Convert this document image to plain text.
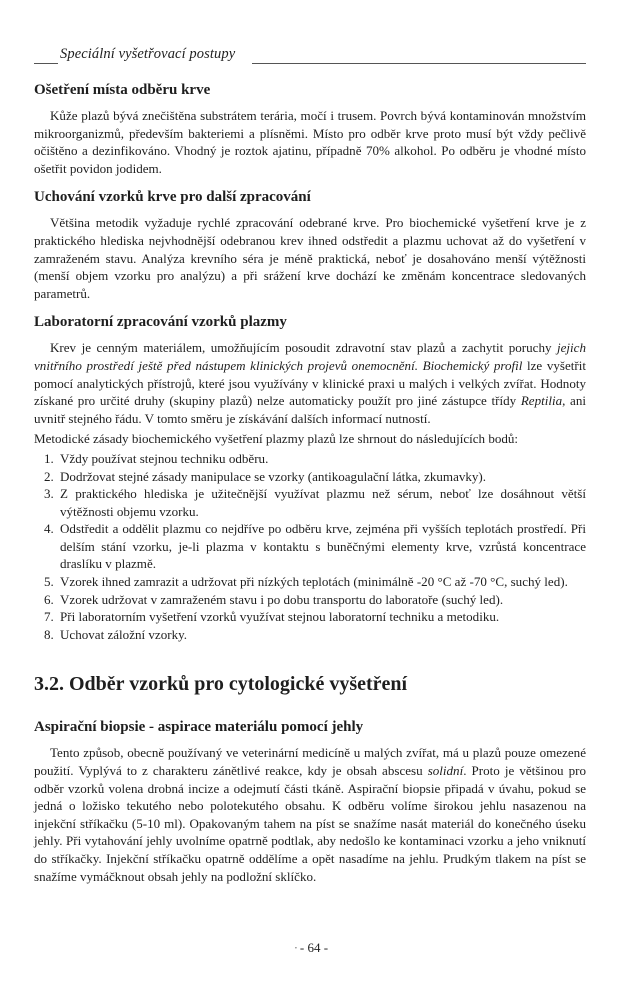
Speciální vyšetřovací postupy
Ošetření místa odběru krve

Kůže plazů bývá znečištěna substrátem terária, močí i trusem. Povrch bývá kontaminován množstvím mikroorganizmů, především bakteriemi a plísněmi. Místo pro odběr krve proto musí být vždy pečlivě očištěno a dezinfikováno. Vhodný je roztok ajatinu, případně 70% alkohol. Po odběru je vhodné místo ošetřit povidon jodidem.

Uchování vzorků krve pro další zpracování

Většina metodik vyžaduje rychlé zpracování odebrané krve. Pro biochemické vyšetření krve je z praktického hlediska nejvhodnější odebranou krev ihned odstředit a plazmu uchovat až do vyšetření v zamraženém stavu. Analýza krevního séra je méně praktická, neboť je dosahováno menší výtěžnosti (menší objem vzorku pro analýzu) a při srážení krve dochází ke změnám koncentrace sledovaných parametrů.

Laboratorní zpracování vzorků plazmy

Krev je cenným materiálem, umožňujícím posoudit zdravotní stav plazů a zachytit poruchy jejich vnitřního prostředí ještě před nástupem klinických projevů onemocnění. Biochemický profil lze vyšetřit pomocí analytických přístrojů, které jsou využívány v klinické praxi u malých i velkých zvířat. Hodnoty získané pro určité druhy (skupiny plazů) nelze automaticky použít pro jiné zástupce třídy Reptilia, ani uvnitř stejného řádu. V tomto směru je získávání dalších informací nutností.

Metodické zásady biochemického vyšetření plazmy plazů lze shrnout do následujících bodů:

1. Vždy používat stejnou techniku odběru.
2. Dodržovat stejné zásady manipulace se vzorky (antikoagulační látka, zkumavky).
3. Z praktického hlediska je užitečnější využívat plazmu než sérum, neboť lze dosáhnout větší výtěžnosti objemu vzorku.
4. Odstředit a oddělit plazmu co nejdříve po odběru krve, zejména při vyšších teplotách prostředí. Při delším stání vzorku, je-li plazma v kontaktu s buněčnými elementy krve, vzrůstá koncentrace draslíku v plazmě.
5. Vzorek ihned zamrazit a udržovat při nízkých teplotách (minimálně -20 °C až -70 °C, suchý led).
6. Vzorek udržovat v zamraženém stavu i po dobu transportu do laboratoře (suchý led).
7. Při laboratorním vyšetření vzorků využívat stejnou laboratorní techniku a metodiku.
8. Uchovat záložní vzorky.
3.2. Odběr vzorků pro cytologické vyšetření
Aspirační biopsie - aspirace materiálu pomocí jehly

Tento způsob, obecně používaný ve veterinární medicíně u malých zvířat, má u plazů pouze omezené použití. Vyplývá to z charakteru zánětlivé reakce, kdy je obsah abscesu solidní. Proto je většinou pro odběr vzorků volena drobná incize a odejmutí části tkáně. Aspirační biopsie připadá v úvahu, pokud se jedná o ložisko tekutého nebo polotekutého obsahu. K odběru volíme širokou jehlu nasazenou na injekční stříkačku (5-10 ml). Opakovaným tahem na píst se snažíme nasát materiál do konečného úseku jehly. Při vytahování jehly uvolníme opatrně podtlak, aby nedošlo ke kontaminaci vzorku a jeho vniknutí do stříkačky. Injekční stříkačku opatrně oddělíme a opět nasadíme na jehlu. Prudkým tlakem na píst se snažíme vymáčknout obsah jehly na podložní sklíčko.

·- 64 -
